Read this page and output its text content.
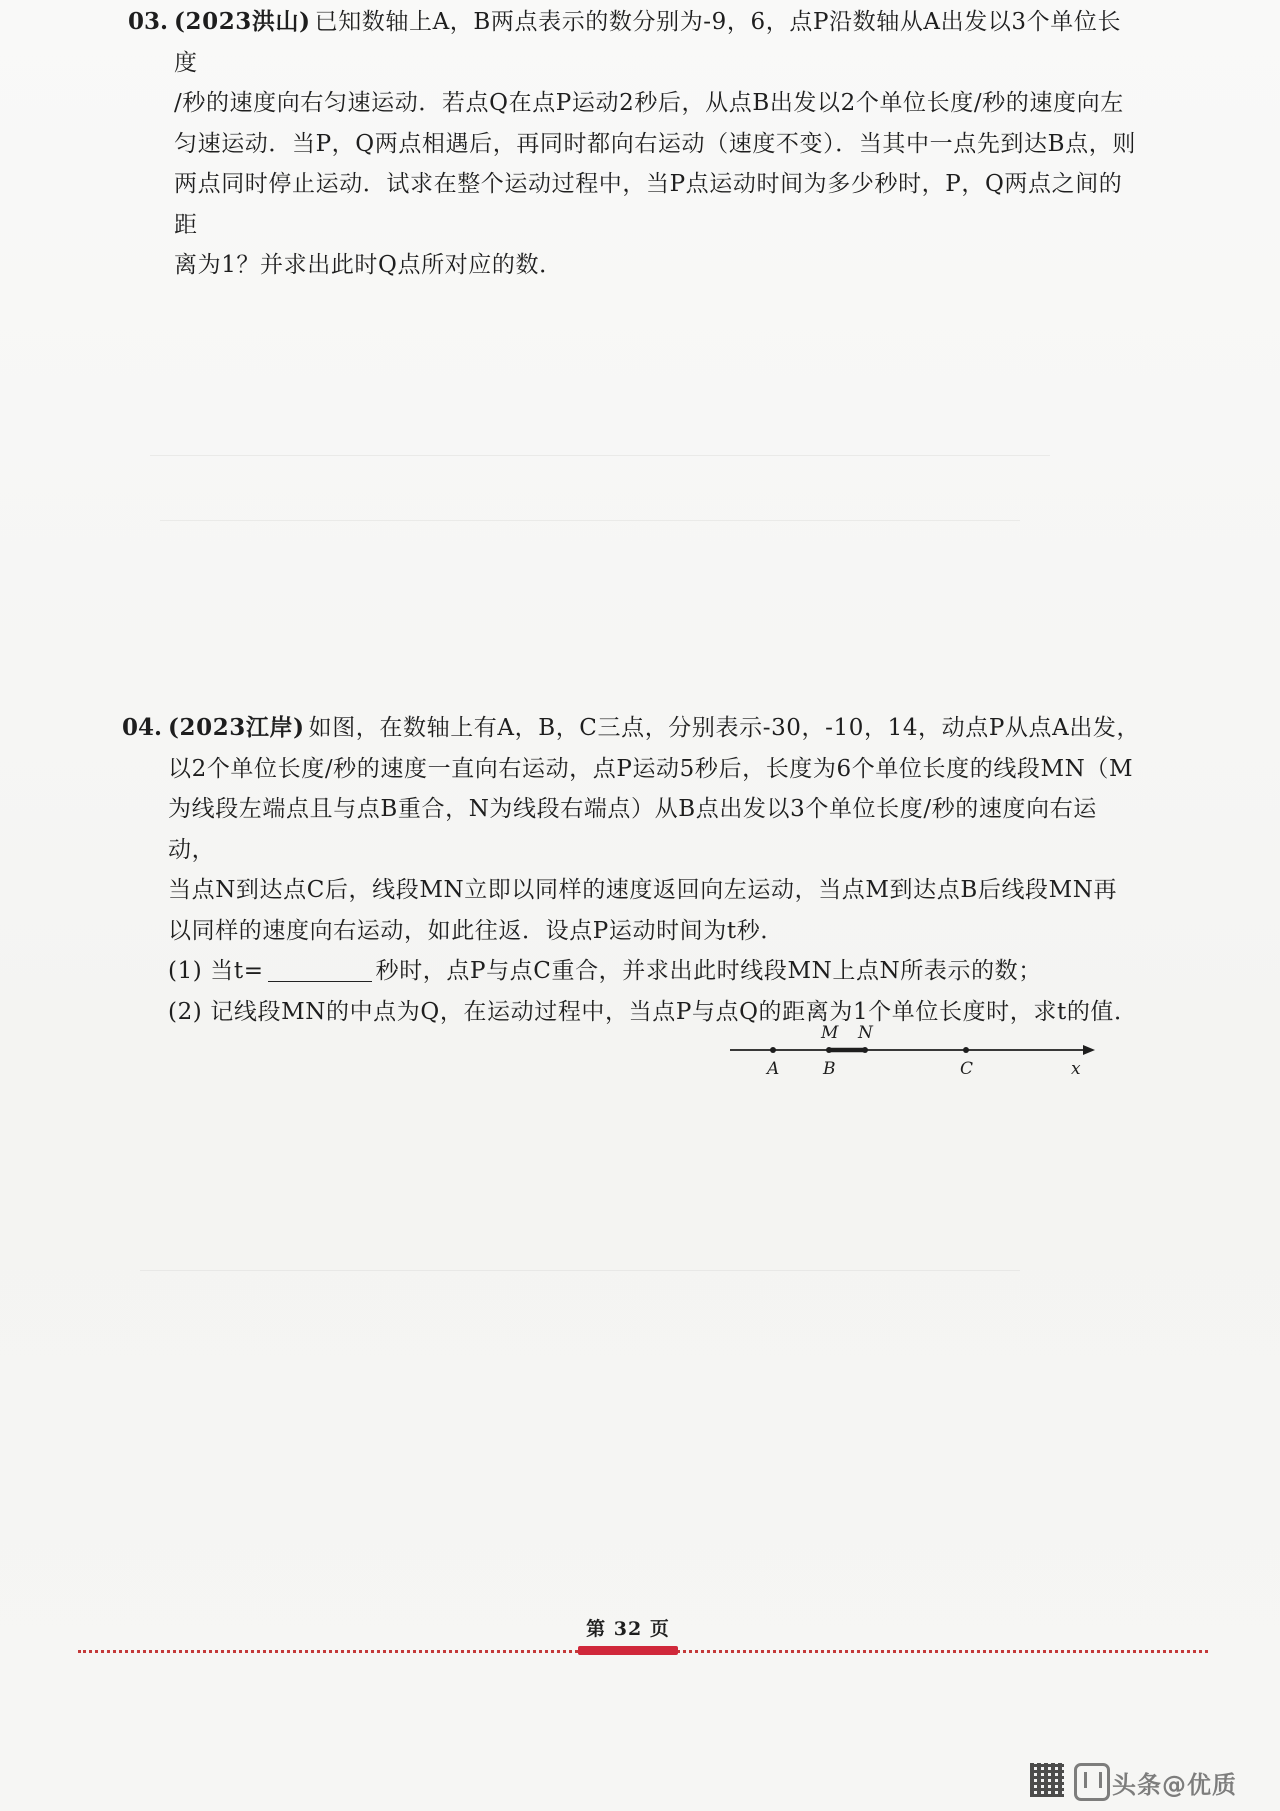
03. (2023洪山) 已知数轴上A，B两点表示的数分别为-9，6，点P沿数轴从A出发以3个单位长度
/秒的速度向右匀速运动．若点Q在点P运动2秒后，从点B出发以2个单位长度/秒的速度向左
匀速运动．当P，Q两点相遇后，再同时都向右运动（速度不变）．当其中一点先到达B点，则
两点同时停止运动．试求在整个运动过程中，当P点运动时间为多少秒时，P，Q两点之间的距
离为1？并求出此时Q点所对应的数．
04. (2023江岸) 如图，在数轴上有A，B，C三点，分别表示-30，-10，14，动点P从点A出发，
以2个单位长度/秒的速度一直向右运动，点P运动5秒后，长度为6个单位长度的线段MN（M
为线段左端点且与点B重合，N为线段右端点）从B点出发以3个单位长度/秒的速度向右运动，
当点N到达点C后，线段MN立即以同样的速度返回向左运动，当点M到达点B后线段MN再
以同样的速度向右运动，如此往返．设点P运动时间为t秒．
(1) 当t=	秒时，点P与点C重合，并求出此时线段MN上点N所表示的数；
(2) 记线段MN的中点为Q，在运动过程中，当点P与点Q的距离为1个单位长度时，求t的值．
A	B	C
M N
x
第 32 页
头条@优质
